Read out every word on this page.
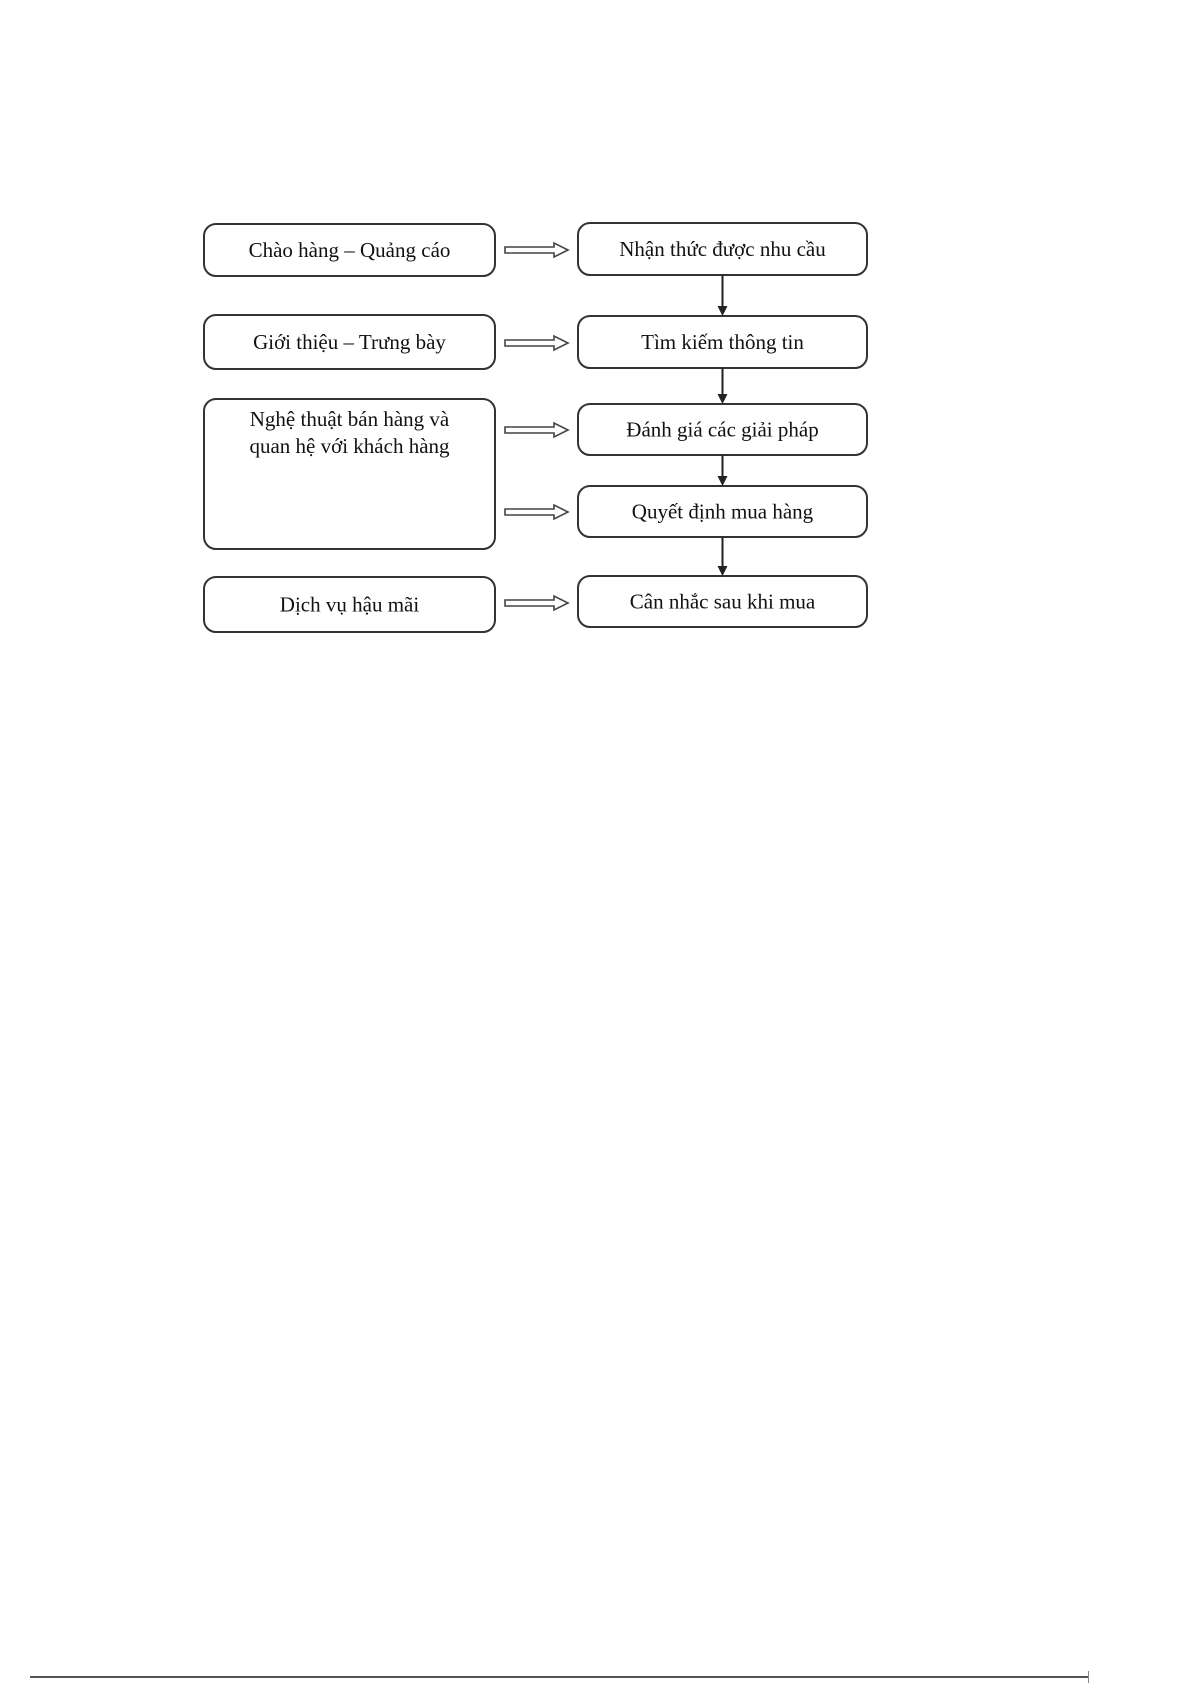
Chào hàng – Quảng cáo
Giới thiệu – Trưng bày
Nghệ thuật bán hàng và
quan hệ với khách hàng
Dịch vụ hậu mãi
Nhận thức được nhu cầu
Tìm kiếm thông tin
Đánh giá các giải pháp
Quyết định mua hàng
Cân nhắc sau khi mua
